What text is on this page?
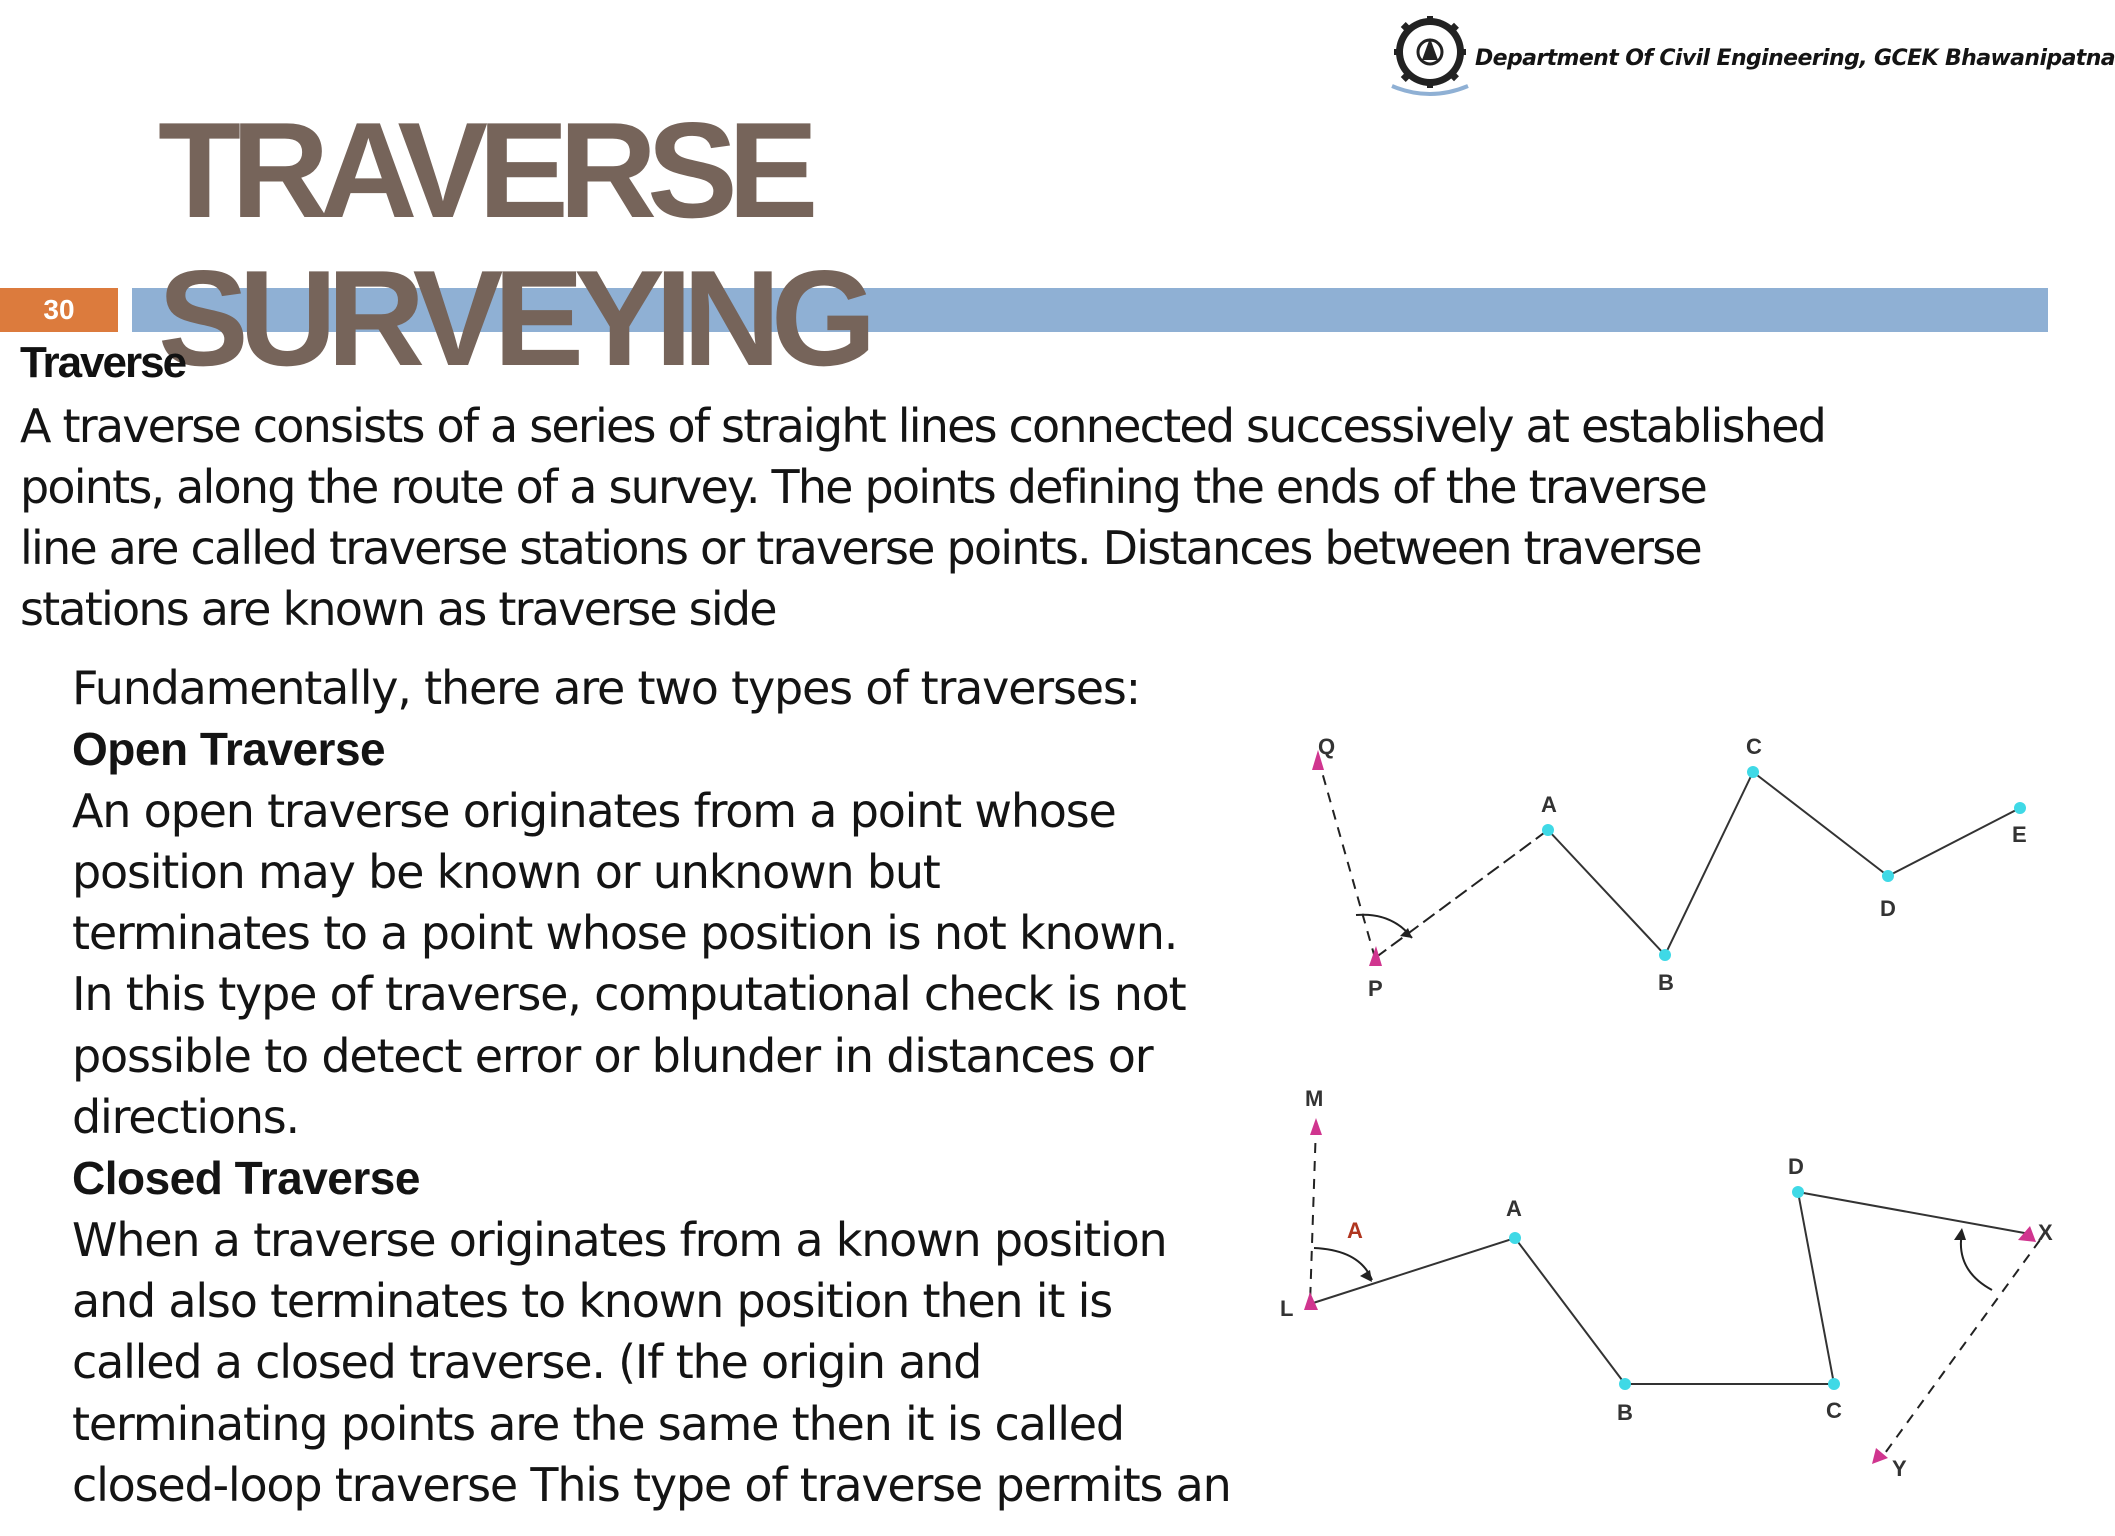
Department Of Civil Engineering, GCEK Bhawanipatna
30
TRAVERSE
SURVEYING
Traverse

A traverse consists of a series of straight lines connected successively at established
points, along the route of a survey. The points defining the ends of the traverse
line are called traverse stations or traverse points. Distances between traverse
stations are known as traverse side

Fundamentally, there are two types of traverses:
Open Traverse
An open traverse originates from a point whose
position may be known or unknown but
terminates to a point whose position is not known.
In this type of traverse, computational check is not
possible to detect error or blunder in distances or
directions.
Closed Traverse
When a traverse originates from a known position
and also terminates to known position then it is
called a closed traverse. (If the origin and
terminating points are the same then it is called
closed-loop traverse This type of traverse permits an
Q
P
A
B
C
D
E
M
L
A
A
B	C
D
X
Y
